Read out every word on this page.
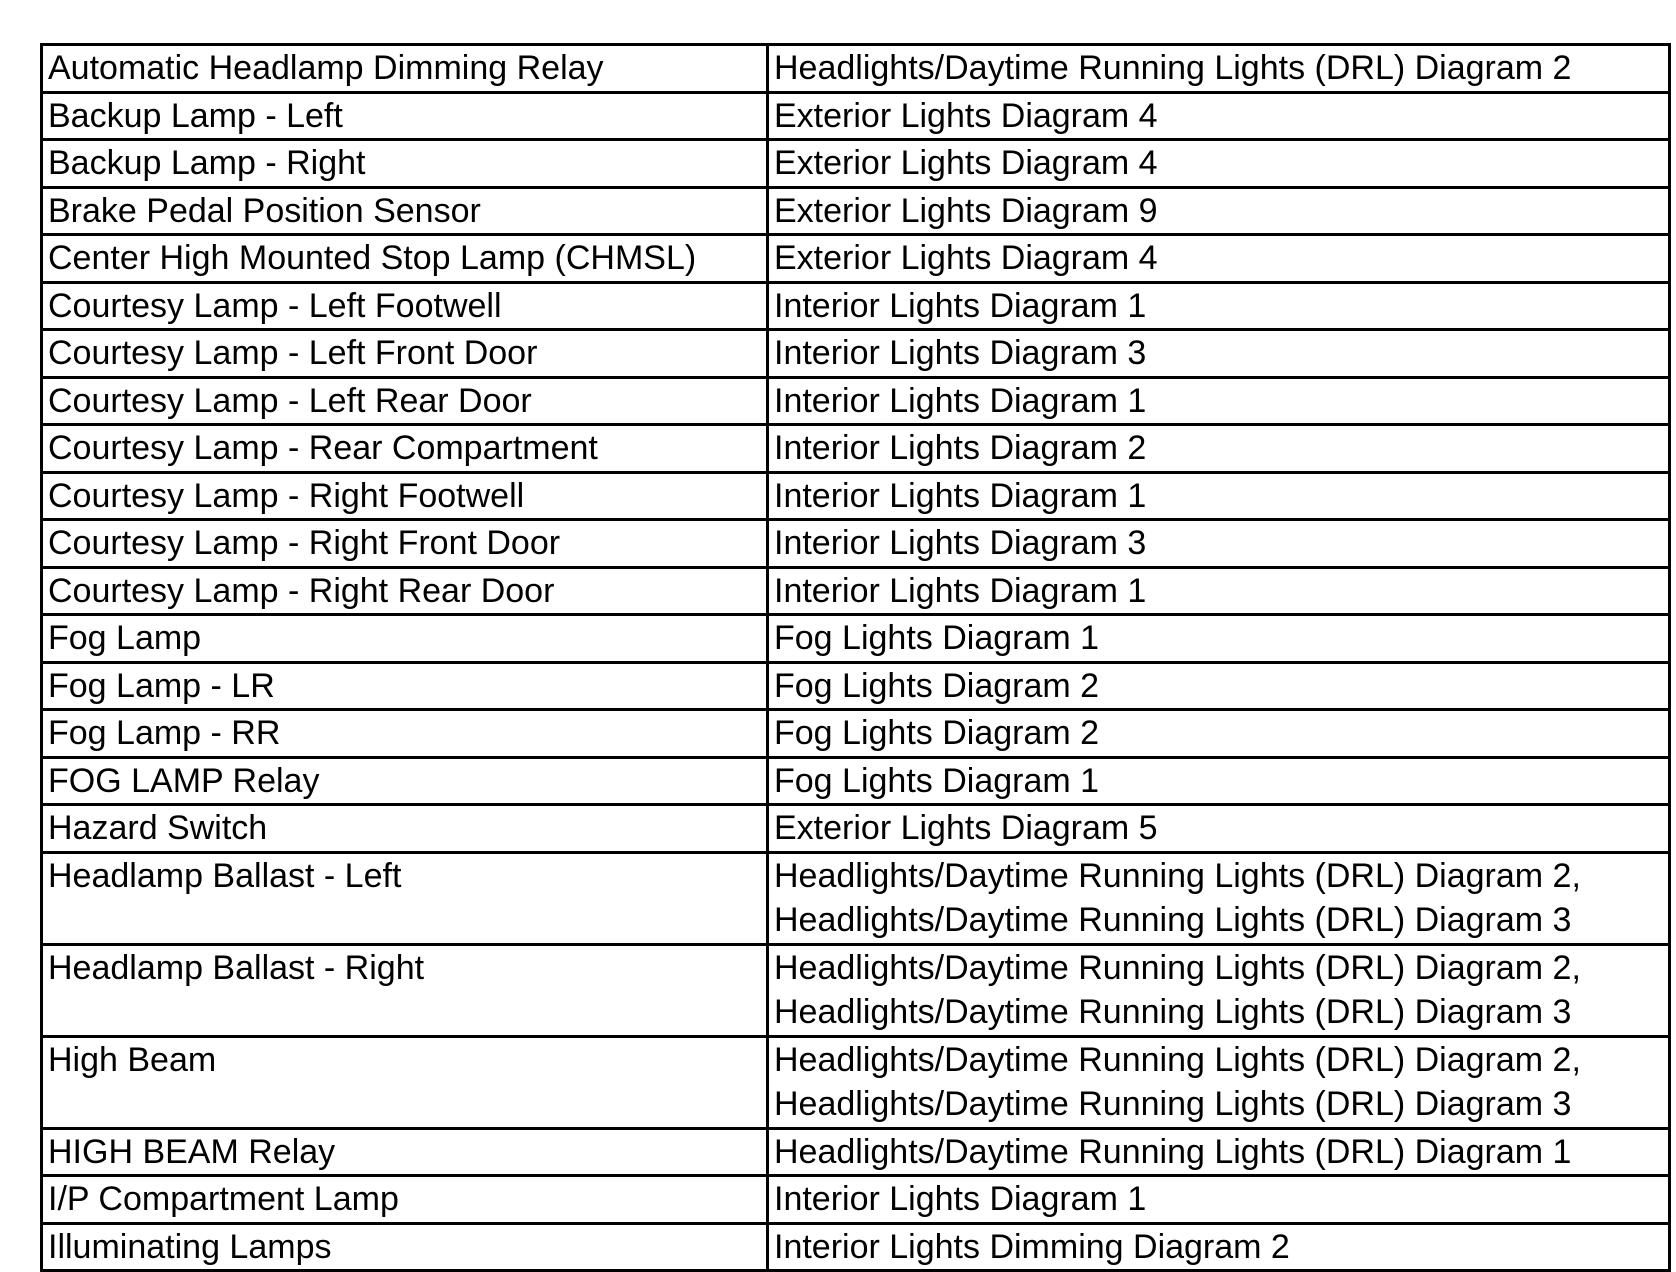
Automatic Headlamp Dimming Relay	Headlights/Daytime Running Lights (DRL) Diagram 2

Backup Lamp - Left	Exterior Lights Diagram 4

Backup Lamp - Right	Exterior Lights Diagram 4

Brake Pedal Position Sensor	Exterior Lights Diagram 9

Center High Mounted Stop Lamp (CHMSL)	Exterior Lights Diagram 4

Courtesy Lamp - Left Footwell	Interior Lights Diagram 1

Courtesy Lamp - Left Front Door	Interior Lights Diagram 3

Courtesy Lamp - Left Rear Door	Interior Lights Diagram 1

Courtesy Lamp - Rear Compartment	Interior Lights Diagram 2

Courtesy Lamp - Right Footwell	Interior Lights Diagram 1

Courtesy Lamp - Right Front Door	Interior Lights Diagram 3

Courtesy Lamp - Right Rear Door	Interior Lights Diagram 1

Fog Lamp	Fog Lights Diagram 1

Fog Lamp - LR	Fog Lights Diagram 2

Fog Lamp - RR	Fog Lights Diagram 2

FOG LAMP Relay	Fog Lights Diagram 1

Hazard Switch	Exterior Lights Diagram 5

Headlamp Ballast - Left	Headlights/Daytime Running Lights (DRL) Diagram 2,
Headlights/Daytime Running Lights (DRL) Diagram 3

Headlamp Ballast - Right	Headlights/Daytime Running Lights (DRL) Diagram 2,
Headlights/Daytime Running Lights (DRL) Diagram 3

High Beam	Headlights/Daytime Running Lights (DRL) Diagram 2,
Headlights/Daytime Running Lights (DRL) Diagram 3

HIGH BEAM Relay	Headlights/Daytime Running Lights (DRL) Diagram 1

I/P Compartment Lamp	Interior Lights Diagram 1

Illuminating Lamps	Interior Lights Dimming Diagram 2
